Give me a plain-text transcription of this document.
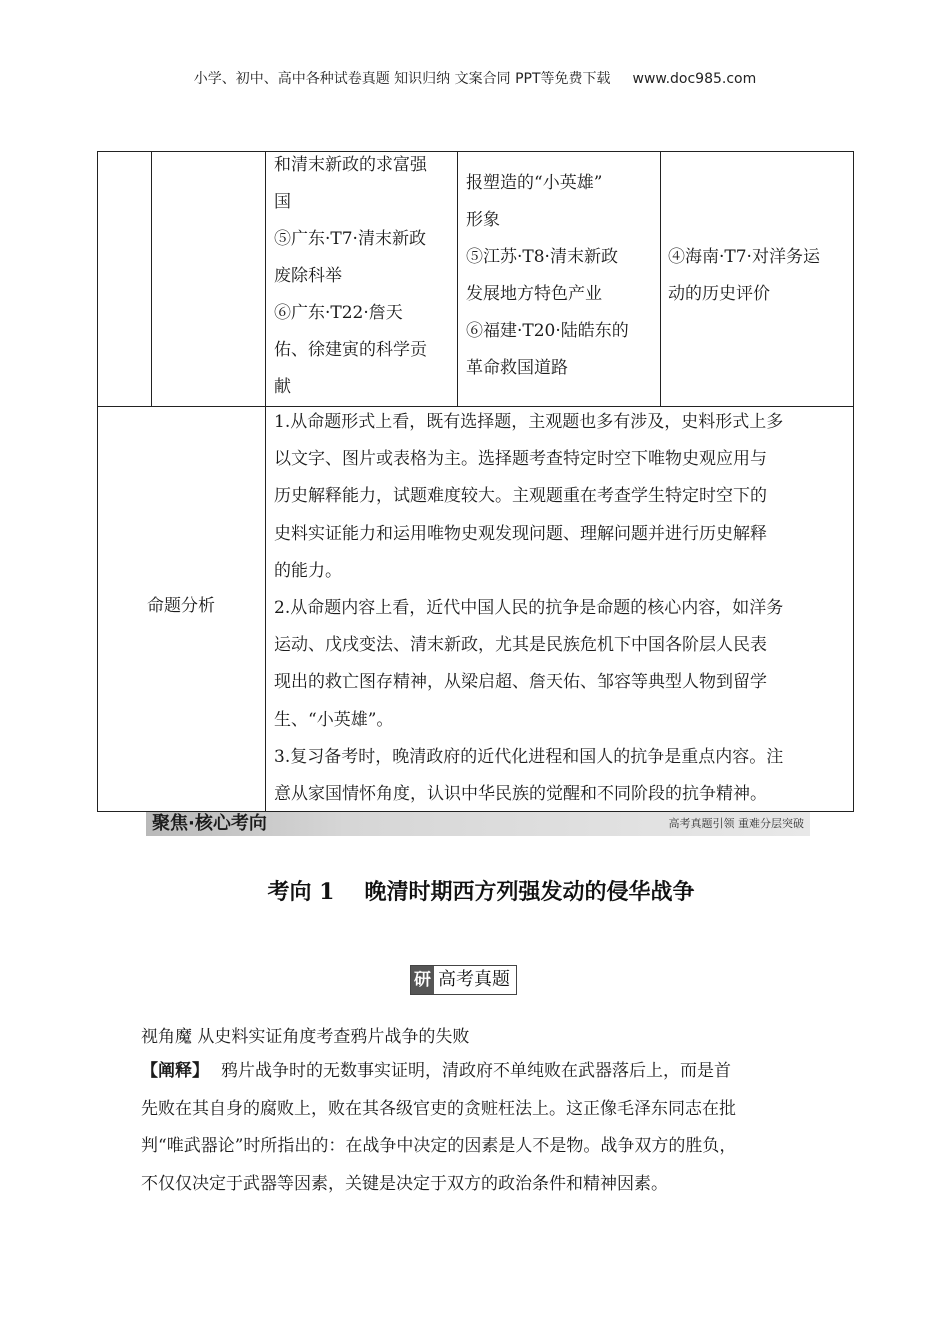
小学、初中、高中各种试卷真题 知识归纳 文案合同 PPT等免费下载 www.doc985.com
和清末新政的求富强
国
⑤广东·T7·清末新政
废除科举
⑥广东·T22·詹天
佑、徐建寅的科学贡
献
报塑造的“小英雄”
形象
⑤江苏·T8·清末新政
发展地方特色产业
⑥福建·T20·陆皓东的
革命救国道路
④海南·T7·对洋务运
动的历史评价
命题分析
1.从命题形式上看，既有选择题，主观题也多有涉及，史料形式上多
以文字、图片或表格为主。选择题考查特定时空下唯物史观应用与
历史解释能力，试题难度较大。主观题重在考查学生特定时空下的
史料实证能力和运用唯物史观发现问题、理解问题并进行历史解释
的能力。
2.从命题内容上看，近代中国人民的抗争是命题的核心内容，如洋务
运动、戊戌变法、清末新政，尤其是民族危机下中国各阶层人民表
现出的救亡图存精神，从梁启超、詹天佑、邹容等典型人物到留学
生、“小英雄”。
3.复习备考时，晚清政府的近代化进程和国人的抗争是重点内容。注
意从家国情怀角度，认识中华民族的觉醒和不同阶段的抗争精神。
聚焦·核心考向	高考真题引领 重难分层突破
考向 1 晚清时期西方列强发动的侵华战争
研 高考真题
视角魔 从史料实证角度考查鸦片战争的失败
【阐释】 鸦片战争时的无数事实证明，清政府不单纯败在武器落后上，而是首
先败在其自身的腐败上，败在其各级官吏的贪赃枉法上。这正像毛泽东同志在批
判“唯武器论”时所指出的：在战争中决定的因素是人不是物。战争双方的胜负，
不仅仅决定于武器等因素，关键是决定于双方的政治条件和精神因素。
